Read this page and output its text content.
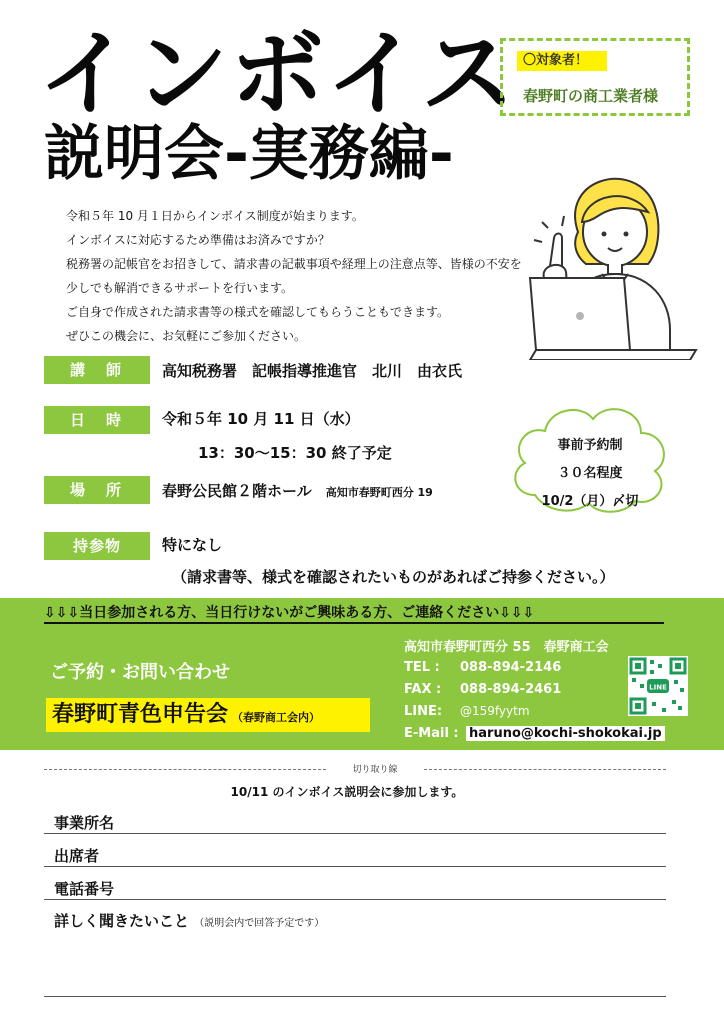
インボイス
説明会-実務編-
〇対象者！
春野町の商工業者様

令和５年 10 月１日からインボイス制度が始まります。

インボイスに対応するため準備はお済みですか？

税務署の記帳官をお招きして、請求書の記載事項や経理上の注意点等、皆様の不安を

少しでも解消できるサポートを行います。

ご自身で作成された請求書等の様式を確認してもらうこともできます。

ぜひこの機会に、お気軽にご参加ください。

講　師	高知税務署　記帳指導推進官　北川　由衣氏
日　時	令和５年 10 月 11 日（水）
13：30～15：30 終了予定
場　所	春野公民館２階ホール 高知市春野町西分 19
持参物	特になし
（請求書等、様式を確認されたいものがあればご持参ください。）
事前予約制
３０名程度
10/2（月）〆切
⇩⇩⇩当日参加される方、当日行けないがご興味ある方、ご連絡ください⇩⇩⇩
ご予約・お問い合わせ
春野町青色申告会 （春野商工会内）
高知市春野町西分 55　春野商工会
TEL : 088-894-2146
FAX : 088-894-2461
LINE: @159fyytm
E-Mail : haruno@kochi-shokokai.jp
LINE
切り取り線
10/11 のインボイス説明会に参加します。
事業所名
出席者
電話番号
詳しく聞きたいこと （説明会内で回答予定です）
